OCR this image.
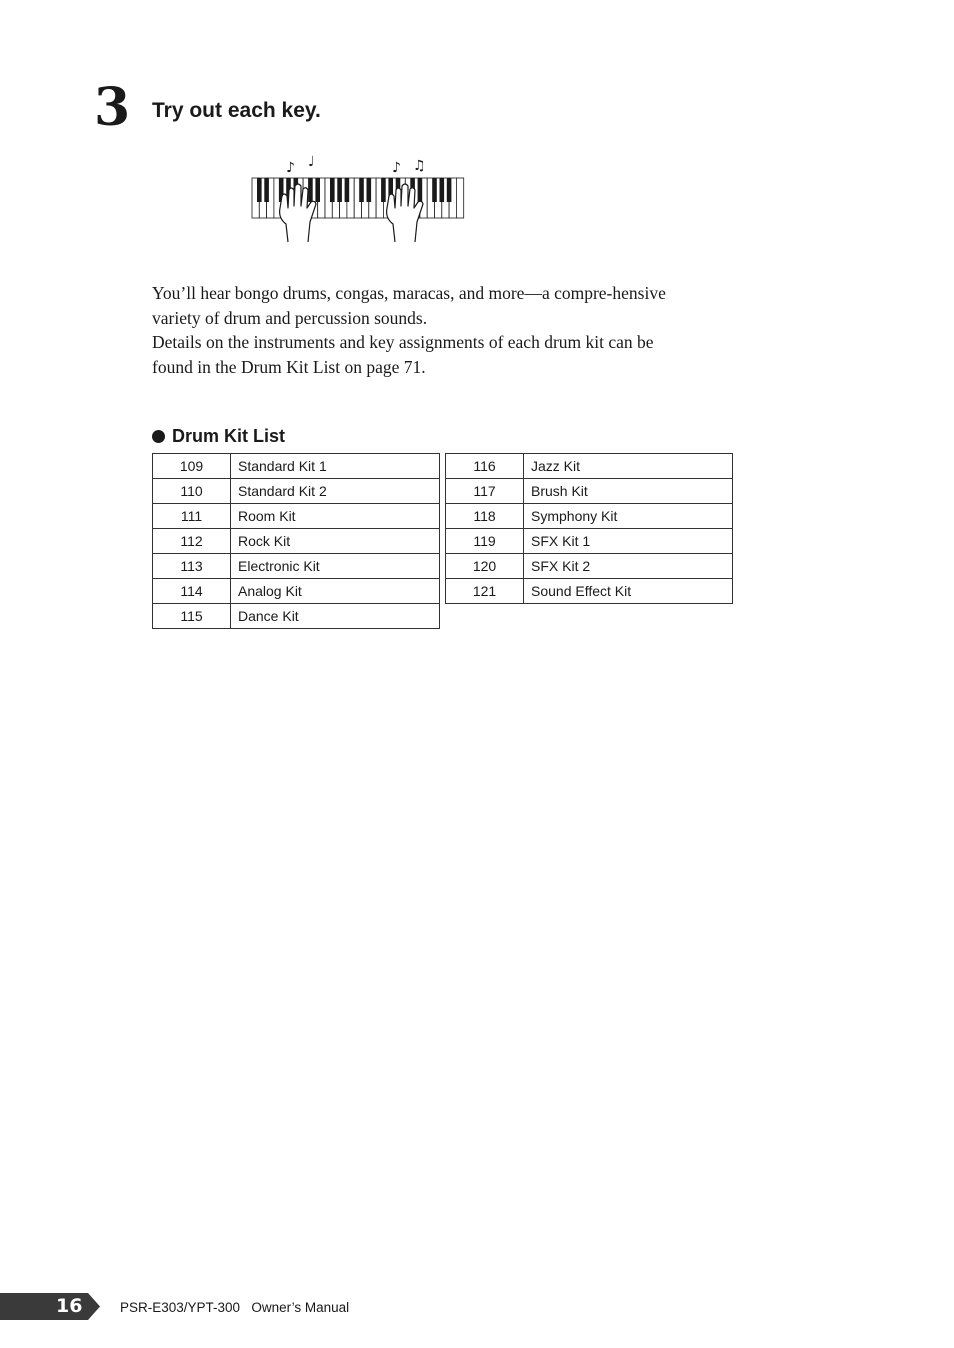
3 Try out each key.
♪ ♩	♪ ♫

You’ll hear bongo drums, congas, maracas, and more—a compre-hensive variety of drum and percussion sounds.

Details on the instruments and key assignments of each drum kit can be found in the Drum Kit List on page 71.

Drum Kit List
109	Standard Kit 1
110	Standard Kit 2
111	Room Kit
112	Rock Kit
113	Electronic Kit
114	Analog Kit
115	Dance Kit
116	Jazz Kit
117	Brush Kit
118	Symphony Kit
119	SFX Kit 1
120	SFX Kit 2
121	Sound Effect Kit
16	PSR-E303/YPT-300   Owner’s Manual
